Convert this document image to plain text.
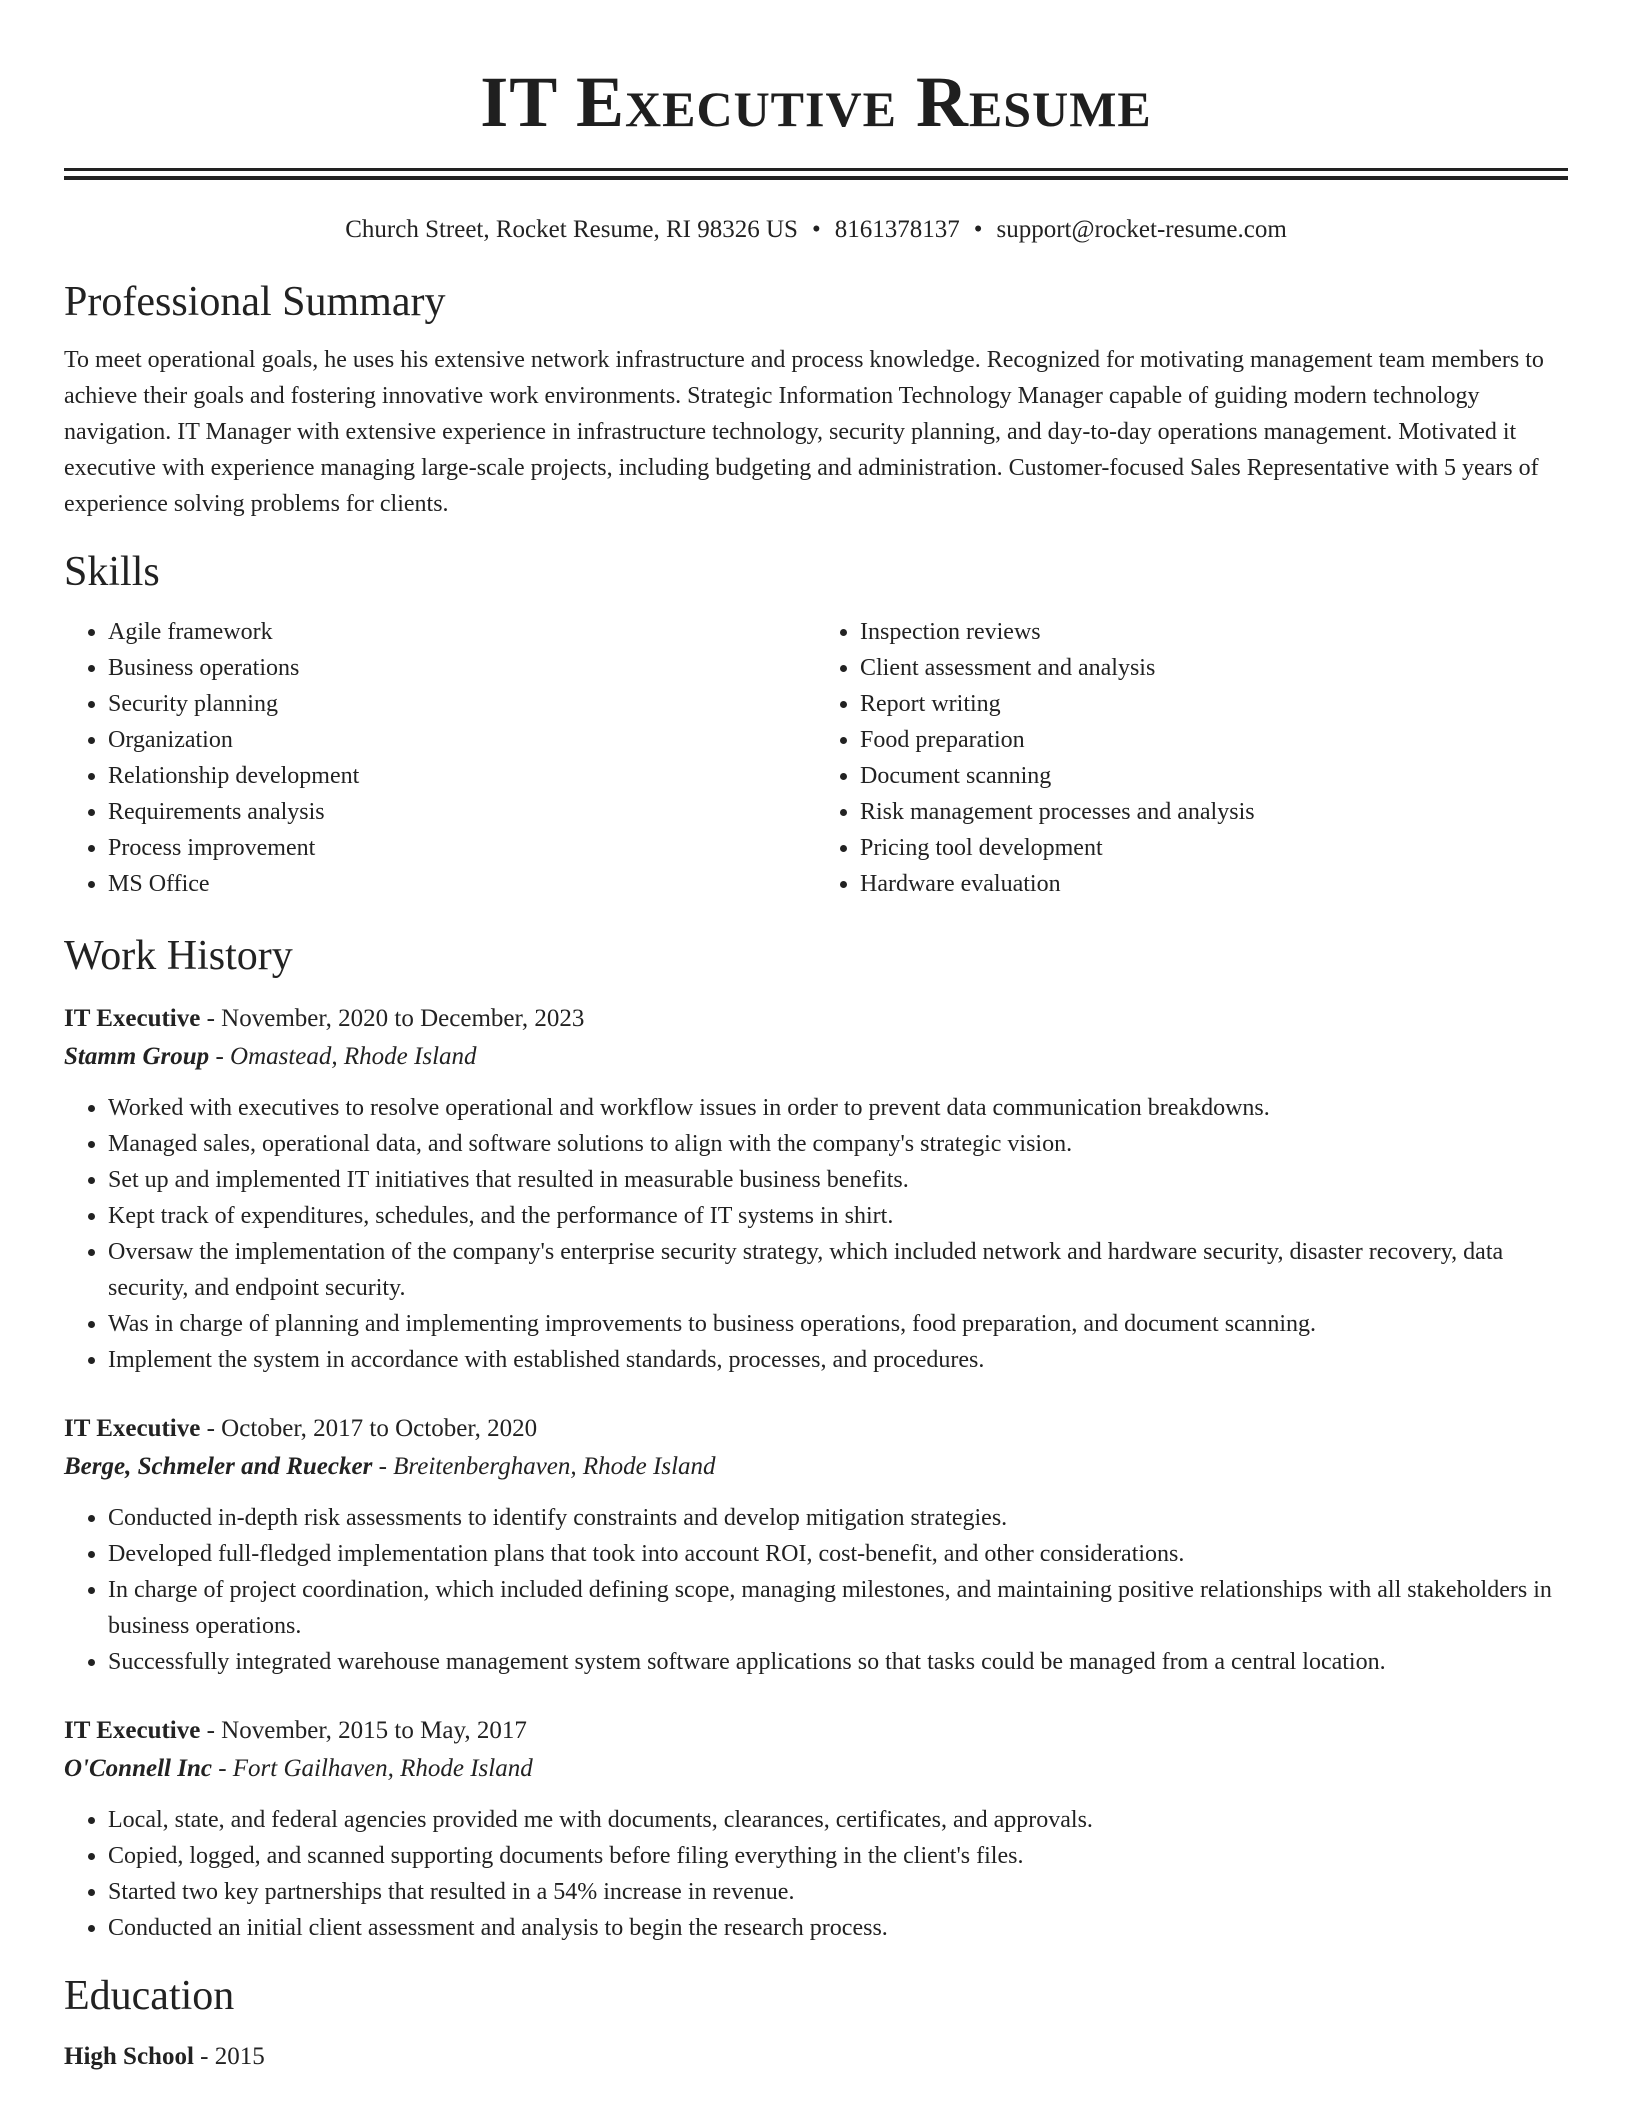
IT Executive Resume
Church Street, Rocket Resume, RI 98326 US • 8161378137 • support@rocket-resume.com
Professional Summary

To meet operational goals, he uses his extensive network infrastructure and process knowledge. Recognized for motivating management team members to achieve their goals and fostering innovative work environments. Strategic Information Technology Manager capable of guiding modern technology navigation. IT Manager with extensive experience in infrastructure technology, security planning, and day-to-day operations management. Motivated it executive with experience managing large-scale projects, including budgeting and administration. Customer-focused Sales Representative with 5 years of experience solving problems for clients.

Skills
• Agile framework
• Business operations
• Security planning
• Organization
• Relationship development
• Requirements analysis
• Process improvement
• MS Office
• Inspection reviews
• Client assessment and analysis
• Report writing
• Food preparation
• Document scanning
• Risk management processes and analysis
• Pricing tool development
• Hardware evaluation
Work History
IT Executive - November, 2020 to December, 2023
Stamm Group - Omastead, Rhode Island
• Worked with executives to resolve operational and workflow issues in order to prevent data communication breakdowns.
• Managed sales, operational data, and software solutions to align with the company's strategic vision.
• Set up and implemented IT initiatives that resulted in measurable business benefits.
• Kept track of expenditures, schedules, and the performance of IT systems in shirt.
• Oversaw the implementation of the company's enterprise security strategy, which included network and hardware security, disaster recovery, data security, and endpoint security.
• Was in charge of planning and implementing improvements to business operations, food preparation, and document scanning.
• Implement the system in accordance with established standards, processes, and procedures.
IT Executive - October, 2017 to October, 2020
Berge, Schmeler and Ruecker - Breitenberghaven, Rhode Island
• Conducted in-depth risk assessments to identify constraints and develop mitigation strategies.
• Developed full-fledged implementation plans that took into account ROI, cost-benefit, and other considerations.
• In charge of project coordination, which included defining scope, managing milestones, and maintaining positive relationships with all stakeholders in business operations.
• Successfully integrated warehouse management system software applications so that tasks could be managed from a central location.
IT Executive - November, 2015 to May, 2017
O'Connell Inc - Fort Gailhaven, Rhode Island
• Local, state, and federal agencies provided me with documents, clearances, certificates, and approvals.
• Copied, logged, and scanned supporting documents before filing everything in the client's files.
• Started two key partnerships that resulted in a 54% increase in revenue.
• Conducted an initial client assessment and analysis to begin the research process.
Education
High School - 2015
